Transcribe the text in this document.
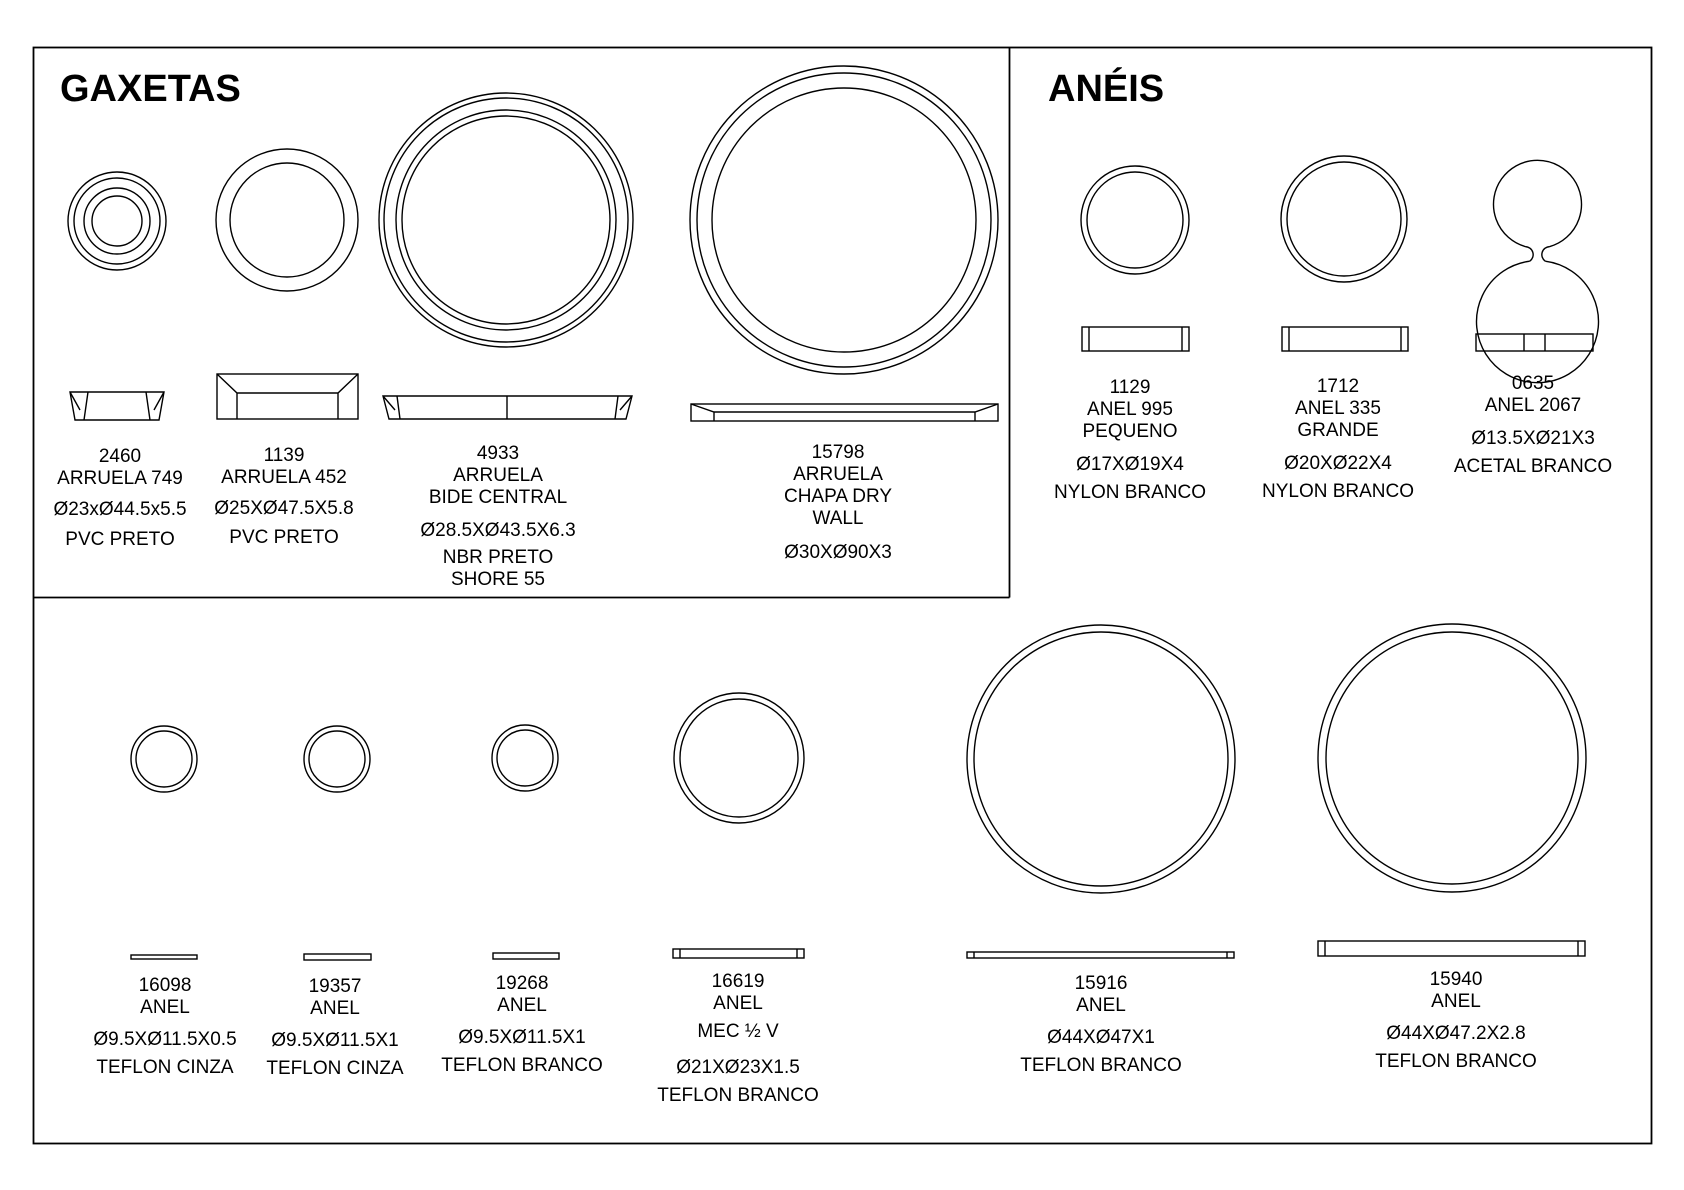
GAXETAS	ANÉIS
2460
ARRUELA 749
Ø23xØ44.5x5.5
PVC PRETO
1139
ARRUELA 452
Ø25XØ47.5X5.8
PVC PRETO
4933
ARRUELA
BIDE CENTRAL
Ø28.5XØ43.5X6.3
NBR PRETO
SHORE 55
15798
ARRUELA
CHAPA DRY
WALL
Ø30XØ90X3
1129
ANEL 995
PEQUENO
Ø17XØ19X4
NYLON BRANCO
1712
ANEL 335
GRANDE
Ø20XØ22X4
NYLON BRANCO
0635
ANEL 2067
Ø13.5XØ21X3
ACETAL BRANCO
16098
ANEL
Ø9.5XØ11.5X0.5
TEFLON CINZA
19357
ANEL
Ø9.5XØ11.5X1
TEFLON CINZA
19268
ANEL
Ø9.5XØ11.5X1
TEFLON BRANCO
16619
ANEL
MEC ½ V
Ø21XØ23X1.5
TEFLON BRANCO
15916
ANEL
Ø44XØ47X1
TEFLON BRANCO
15940
ANEL
Ø44XØ47.2X2.8
TEFLON BRANCO
